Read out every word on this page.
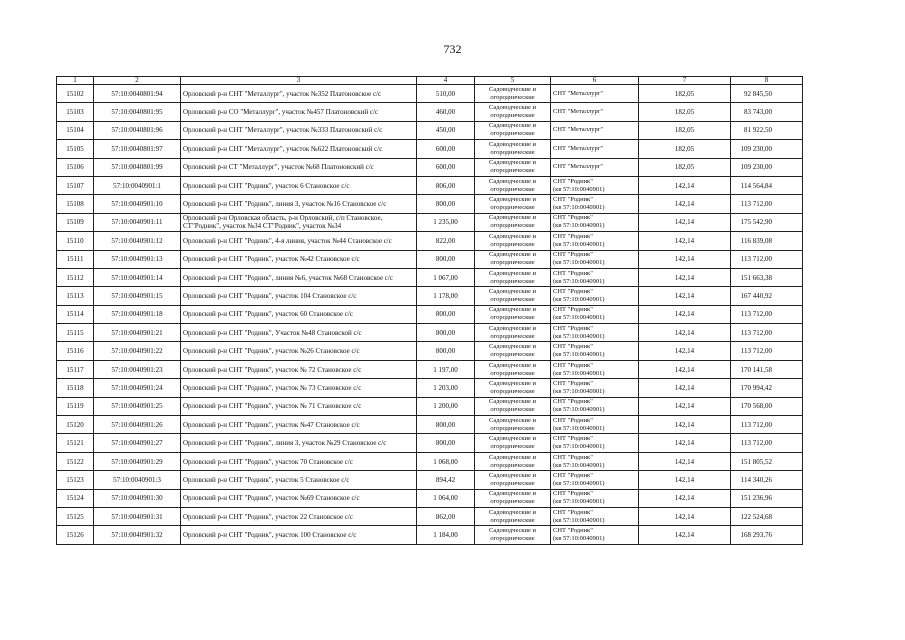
732
1	2	3	4	5	6	7	8
15102	57:10:0040801:94	Орловский р-н СНТ "Металлург", участок №352 Платоновское с/с	510,00	Садоводческие и
огороднические	СНТ "Металлург"	182,05	92 845,50
15103	57:10:0040801:95	Орловский р-н СО "Металлург", участок №457 Платоновский с/с	460,00	Садоводческие и
огороднические	СНТ "Металлург"	182,05	83 743,00
15104	57:10:0040801:96	Орловский р-н СНТ "Металлург", участок №333 Платоновский с/с	450,00	Садоводческие и
огороднические	СНТ "Металлург"	182,05	81 922,50
15105	57:10:0040801:97	Орловский р-н СНТ "Металлург", участок №622 Платоновский с/с	600,00	Садоводческие и
огороднические	СНТ "Металлург"	182,05	109 230,00
15106	57:10:0040801:99	Орловский р-н СТ "Металлург", участок №68 Платоновский с/с	600,00	Садоводческие и
огороднические	СНТ "Металлург"	182,05	109 230,00
15107	57:10:0040901:1	Орловский р-н СНТ "Родник", участок 6 Становское с/с	806,00	Садоводческие и
огороднические	СНТ "Родник"
(кв 57:10:0040901)	142,14	114 564,84
15108	57:10:0040901:10	Орловский р-н СНТ "Родник", линия 3, участок №16 Становское с/с	800,00	Садоводческие и
огороднические	СНТ "Родник"
(кв 57:10:0040901)	142,14	113 712,00
15109	57:10:0040901:11	Орловский р-н Орловская область, р-н Орловский, с/п Становское, СТ"Родник", участок №34 СТ"Родник", участок №34	1 235,00	Садоводческие и
огороднические	СНТ "Родник"
(кв 57:10:0040901)	142,14	175 542,90
15110	57:10:0040901:12	Орловский р-н СНТ "Родник", 4-я линия, участок №44 Становское с/с	822,00	Садоводческие и
огороднические	СНТ "Родник"
(кв 57:10:0040901)	142,14	116 839,08
15111	57:10:0040901:13	Орловский р-н СНТ "Родник", участок №42 Становское с/с	800,00	Садоводческие и
огороднические	СНТ "Родник"
(кв 57:10:0040901)	142,14	113 712,00
15112	57:10:0040901:14	Орловский р-н СНТ "Родник", линия №6, участок №68 Становское с/с	1 067,00	Садоводческие и
огороднические	СНТ "Родник"
(кв 57:10:0040901)	142,14	151 663,38
15113	57:10:0040901:15	Орловский р-н СНТ "Родник", участок 104 Становское с/с	1 178,00	Садоводческие и
огороднические	СНТ "Родник"
(кв 57:10:0040901)	142,14	167 440,92
15114	57:10:0040901:18	Орловский р-н СНТ "Родник", участок 60 Становское с/с	800,00	Садоводческие и
огороднические	СНТ "Родник"
(кв 57:10:0040901)	142,14	113 712,00
15115	57:10:0040901:21	Орловский р-н СНТ "Родник", Участок №48 Становской с/с	800,00	Садоводческие и
огороднические	СНТ "Родник"
(кв 57:10:0040901)	142,14	113 712,00
15116	57:10:0040901:22	Орловский р-н СНТ "Родник", участок №26 Становское с/с	800,00	Садоводческие и
огороднические	СНТ "Родник"
(кв 57:10:0040901)	142,14	113 712,00
15117	57:10:0040901:23	Орловский р-н СНТ "Родник", участок № 72 Становское с/с	1 197,00	Садоводческие и
огороднические	СНТ "Родник"
(кв 57:10:0040901)	142,14	170 141,58
15118	57:10:0040901:24	Орловский р-н СНТ "Родник", участок № 73 Становское с/с	1 203,00	Садоводческие и
огороднические	СНТ "Родник"
(кв 57:10:0040901)	142,14	170 994,42
15119	57:10:0040901:25	Орловский р-н СНТ "Родник", участок № 71 Становское с/с	1 200,00	Садоводческие и
огороднические	СНТ "Родник"
(кв 57:10:0040901)	142,14	170 568,00
15120	57:10:0040901:26	Орловский р-н СНТ "Родник", участок №47 Становское с/с	800,00	Садоводческие и
огороднические	СНТ "Родник"
(кв 57:10:0040901)	142,14	113 712,00
15121	57:10:0040901:27	Орловский р-н СНТ "Родник", линия 3, участок №29 Становское с/с	800,00	Садоводческие и
огороднические	СНТ "Родник"
(кв 57:10:0040901)	142,14	113 712,00
15122	57:10:0040901:29	Орловский р-н СНТ "Родник", участок 70 Становское с/с	1 068,00	Садоводческие и
огороднические	СНТ "Родник"
(кв 57:10:0040901)	142,14	151 805,52
15123	57:10:0040901:3	Орловский р-н СНТ "Родник", участок 5 Становское с/с	894,42	Садоводческие и
огороднические	СНТ "Родник"
(кв 57:10:0040901)	142,14	114 340,26
15124	57:10:0040901:30	Орловский р-н СНТ "Родник", участок №69 Становское с/с	1 064,00	Садоводческие и
огороднические	СНТ "Родник"
(кв 57:10:0040901)	142,14	151 236,96
15125	57:10:0040901:31	Орловский р-н СНТ "Родник", участок 22 Становское с/с	862,00	Садоводческие и
огороднические	СНТ "Родник"
(кв 57:10:0040901)	142,14	122 524,68
15126	57:10:0040901:32	Орловский р-н СНТ "Родник", участок 100 Становское с/с	1 184,00	Садоводческие и
огороднические	СНТ "Родник"
(кв 57:10:0040901)	142,14	168 293,76
